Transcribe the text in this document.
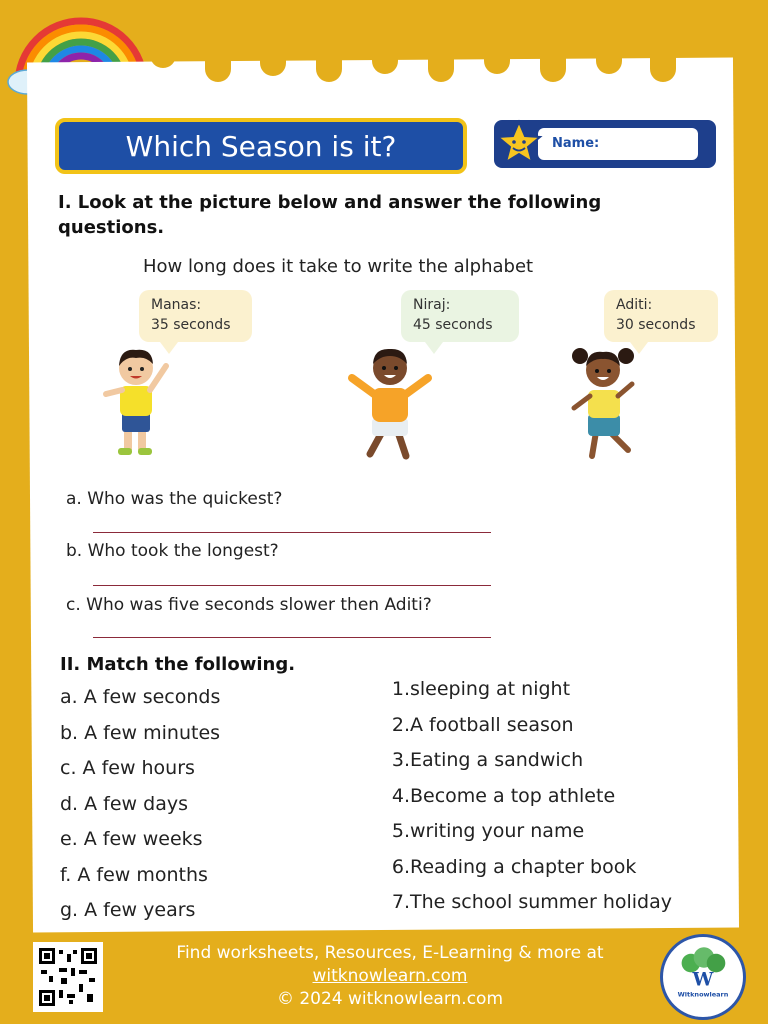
Which Season is it?	Name:
I. Look at the picture below and answer the following questions.
How long does it take to write the alphabet
Manas:
35 seconds
Niraj:
45 seconds
Aditi:
30 seconds
a. Who was the quickest?
b. Who took the longest?
c. Who was five seconds slower then Aditi?
II. Match the following.
a. A few seconds
b. A few minutes
c. A few hours
d. A few days
e. A few weeks
f. A few months
g. A few years
1.sleeping at night
2.A football season
3.Eating a sandwich
4.Become a top athlete
5.writing your name
6.Reading a chapter book
7.The school summer holiday
Find worksheets, Resources, E-Learning & more at
witknowlearn.com
© 2024 witknowlearn.com
W
Witknowlearn
